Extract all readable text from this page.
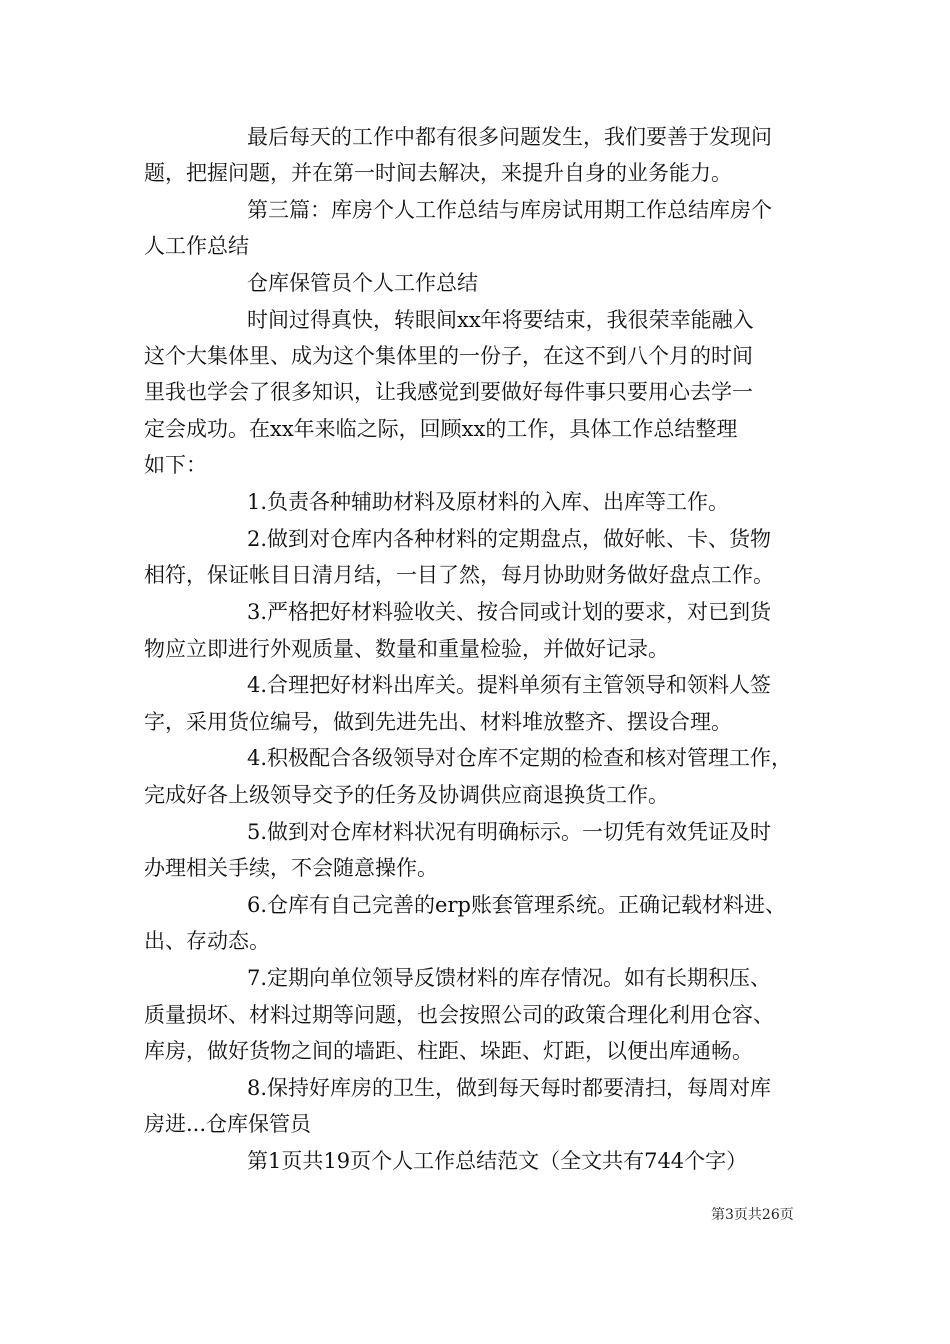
最后每天的工作中都有很多问题发生，我们要善于发现问
题，把握问题，并在第一时间去解决，来提升自身的业务能力。
第三篇：库房个人工作总结与库房试用期工作总结库房个
人工作总结
仓库保管员个人工作总结
时间过得真快，转眼间xx年将要结束，我很荣幸能融入
这个大集体里、成为这个集体里的一份子，在这不到八个月的时间
里我也学会了很多知识，让我感觉到要做好每件事只要用心去学一
定会成功。在xx年来临之际，回顾xx的工作，具体工作总结整理
如下：
1.负责各种辅助材料及原材料的入库、出库等工作。
2.做到对仓库内各种材料的定期盘点，做好帐、卡、货物
相符，保证帐目日清月结，一目了然，每月协助财务做好盘点工作。
3.严格把好材料验收关、按合同或计划的要求，对已到货
物应立即进行外观质量、数量和重量检验，并做好记录。
4.合理把好材料出库关。提料单须有主管领导和领料人签
字，采用货位编号，做到先进先出、材料堆放整齐、摆设合理。
4.积极配合各级领导对仓库不定期的检查和核对管理工作，
完成好各上级领导交予的任务及协调供应商退换货工作。
5.做到对仓库材料状况有明确标示。一切凭有效凭证及时
办理相关手续，不会随意操作。
6.仓库有自己完善的erp账套管理系统。正确记载材料进、
出、存动态。
7.定期向单位领导反馈材料的库存情况。如有长期积压、
质量损坏、材料过期等问题，也会按照公司的政策合理化利用仓容、
库房，做好货物之间的墙距、柱距、垛距、灯距，以便出库通畅。
8.保持好库房的卫生，做到每天每时都要清扫，每周对库
房进...仓库保管员
第1页共19页个人工作总结范文（全文共有744个字）
第3页共26页
